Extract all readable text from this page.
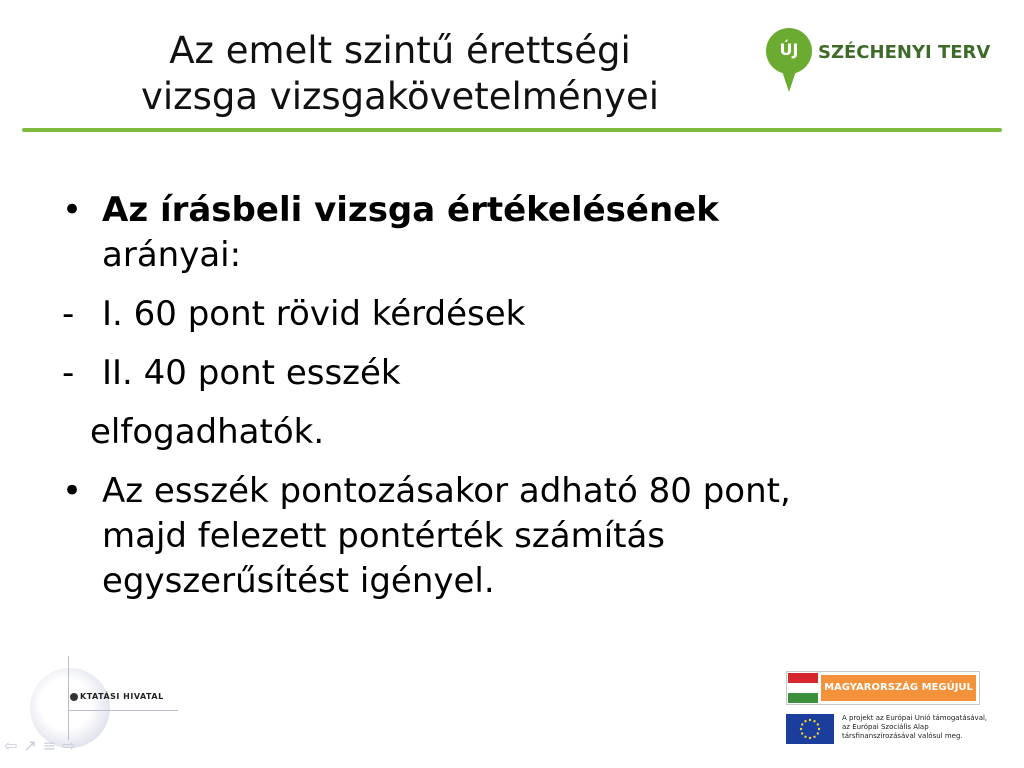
Az emelt szintű érettségi
vizsga vizsgakövetelményei
ÚJ	SZÉCHENYI TERV

• Az írásbeli vizsga értékelésének
arányai:

- I. 60 pont rövid kérdések

- II. 40 pont esszék

elfogadhatók.

• Az esszék pontozásakor adható 80 pont,
majd felezett pontérték számítás
egyszerűsítést igényel.

KTATÁSI HIVATAL
⇦↗≡⇨
MAGYARORSZÁG MEGÚJUL
A projekt az Európai Unió támogatásával,
az Európai Szociális Alap
társfinanszírozásával valósul meg.
